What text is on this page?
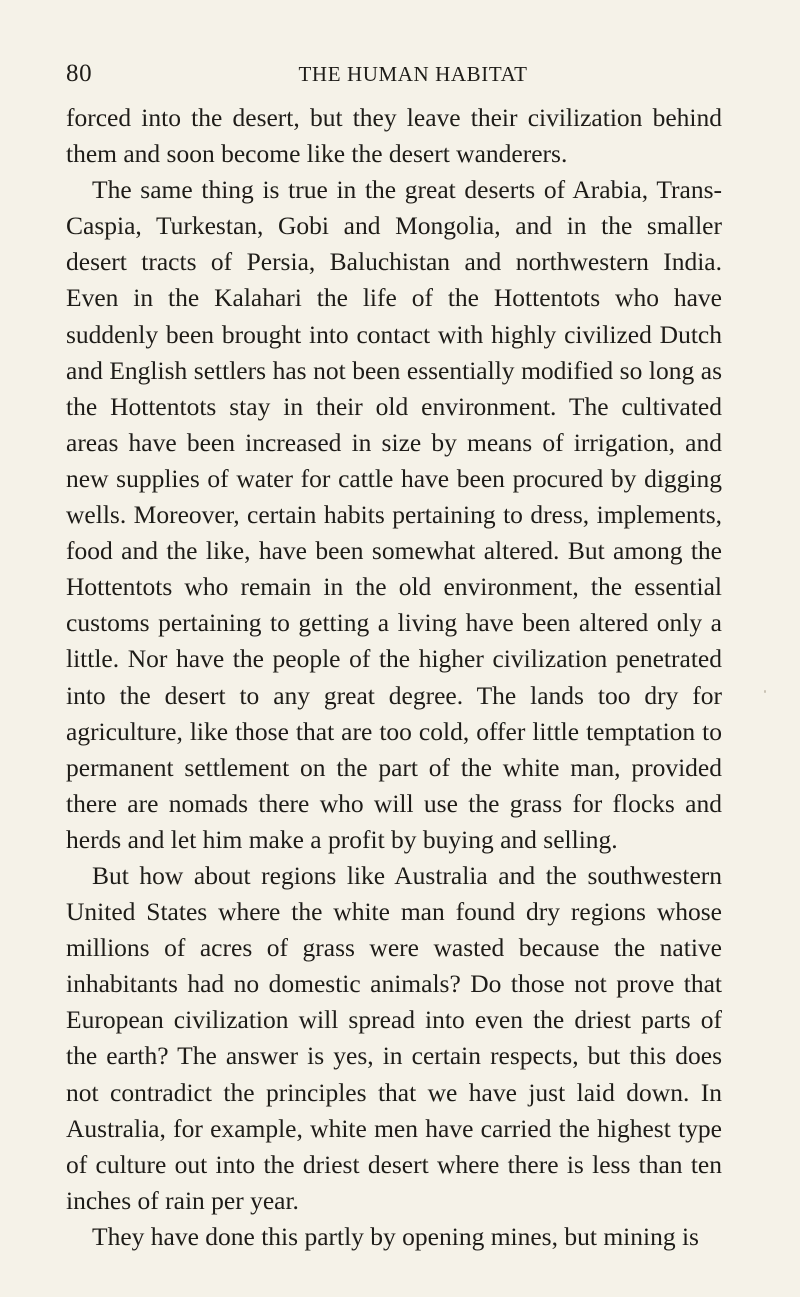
80	THE HUMAN HABITAT

forced into the desert, but they leave their civilization behind them and soon become like the desert wanderers.

The same thing is true in the great deserts of Arabia, Trans-Caspia, Turkestan, Gobi and Mongolia, and in the smaller desert tracts of Persia, Baluchistan and northwestern India. Even in the Kalahari the life of the Hottentots who have suddenly been brought into contact with highly civilized Dutch and English settlers has not been essentially modified so long as the Hottentots stay in their old environment. The cultivated areas have been increased in size by means of irrigation, and new supplies of water for cattle have been procured by digging wells. Moreover, certain habits pertaining to dress, implements, food and the like, have been somewhat altered. But among the Hottentots who remain in the old environment, the essential customs pertaining to getting a living have been altered only a little. Nor have the people of the higher civilization penetrated into the desert to any great degree. The lands too dry for agriculture, like those that are too cold, offer little temptation to permanent settlement on the part of the white man, provided there are nomads there who will use the grass for flocks and herds and let him make a profit by buying and selling.

But how about regions like Australia and the southwestern United States where the white man found dry regions whose millions of acres of grass were wasted because the native inhabitants had no domestic animals? Do those not prove that European civilization will spread into even the driest parts of the earth? The answer is yes, in certain respects, but this does not contradict the principles that we have just laid down. In Australia, for example, white men have carried the highest type of culture out into the driest desert where there is less than ten inches of rain per year.

They have done this partly by opening mines, but mining is
